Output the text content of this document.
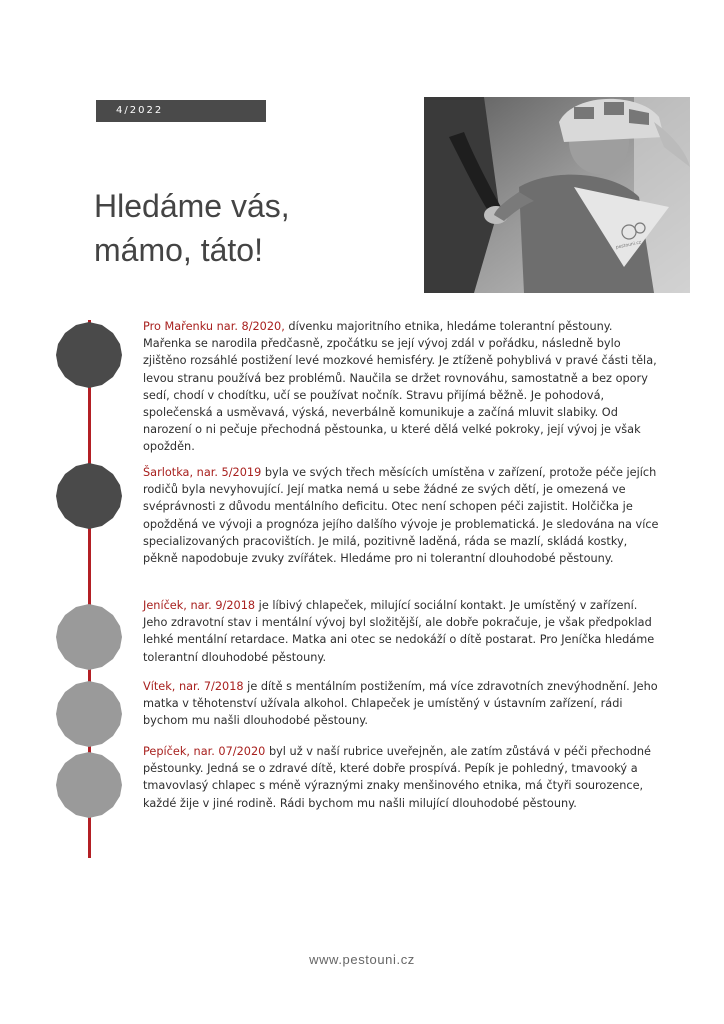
4/2022
Hledáme vás,
mámo, táto!	pestouni.cz

Pro Mařenku nar. 8/2020, dívenku majoritního etnika, hledáme tolerantní pěstouny. Mařenka se narodila předčasně, zpočátku se její vývoj zdál v pořádku, následně bylo zjištěno rozsáhlé postižení levé mozkové hemisféry. Je ztíženě pohyblivá v pravé části těla, levou stranu používá bez problémů. Naučila se držet rovnováhu, samostatně a bez opory sedí, chodí v chodítku, učí se používat nočník. Stravu přijímá běžně. Je pohodová, společenská a usměvavá, výská, neverbálně komunikuje a začíná mluvit slabiky. Od narození o ni pečuje přechodná pěstounka, u které dělá velké pokroky, její vývoj je však opožděn.

Šarlotka, nar. 5/2019 byla ve svých třech měsících umístěna v zařízení, protože péče jejích rodičů byla nevyhovující. Její matka nemá u sebe žádné ze svých dětí, je omezená ve svéprávnosti z důvodu mentálního deficitu. Otec není schopen péči zajistit. Holčička je opožděná ve vývoji a prognóza jejího dalšího vývoje je problematická. Je sledována na více specializovaných pracovištích. Je milá, pozitivně laděná, ráda se mazlí, skládá kostky, pěkně napodobuje zvuky zvířátek. Hledáme pro ni tolerantní dlouhodobé pěstouny.

Jeníček, nar. 9/2018 je líbivý chlapeček, milující sociální kontakt. Je umístěný v zařízení. Jeho zdravotní stav i mentální vývoj byl složitější, ale dobře pokračuje, je však předpoklad lehké mentální retardace. Matka ani otec se nedokáží o dítě postarat. Pro Jeníčka hledáme tolerantní dlouhodobé pěstouny.

Vítek, nar. 7/2018 je dítě s mentálním postižením, má více zdravotních znevýhodnění. Jeho matka v těhotenství užívala alkohol. Chlapeček je umístěný v ústavním zařízení, rádi bychom mu našli dlouhodobé pěstouny.

Pepíček, nar. 07/2020 byl už v naší rubrice uveřejněn, ale zatím zůstává v péči přechodné pěstounky. Jedná se o zdravé dítě, které dobře prospívá. Pepík je pohledný, tmavooký a tmavovlasý chlapec s méně výraznými znaky menšinového etnika, má čtyři sourozence, každé žije v jiné rodině. Rádi bychom mu našli milující dlouhodobé pěstouny.

www.pestouni.cz
